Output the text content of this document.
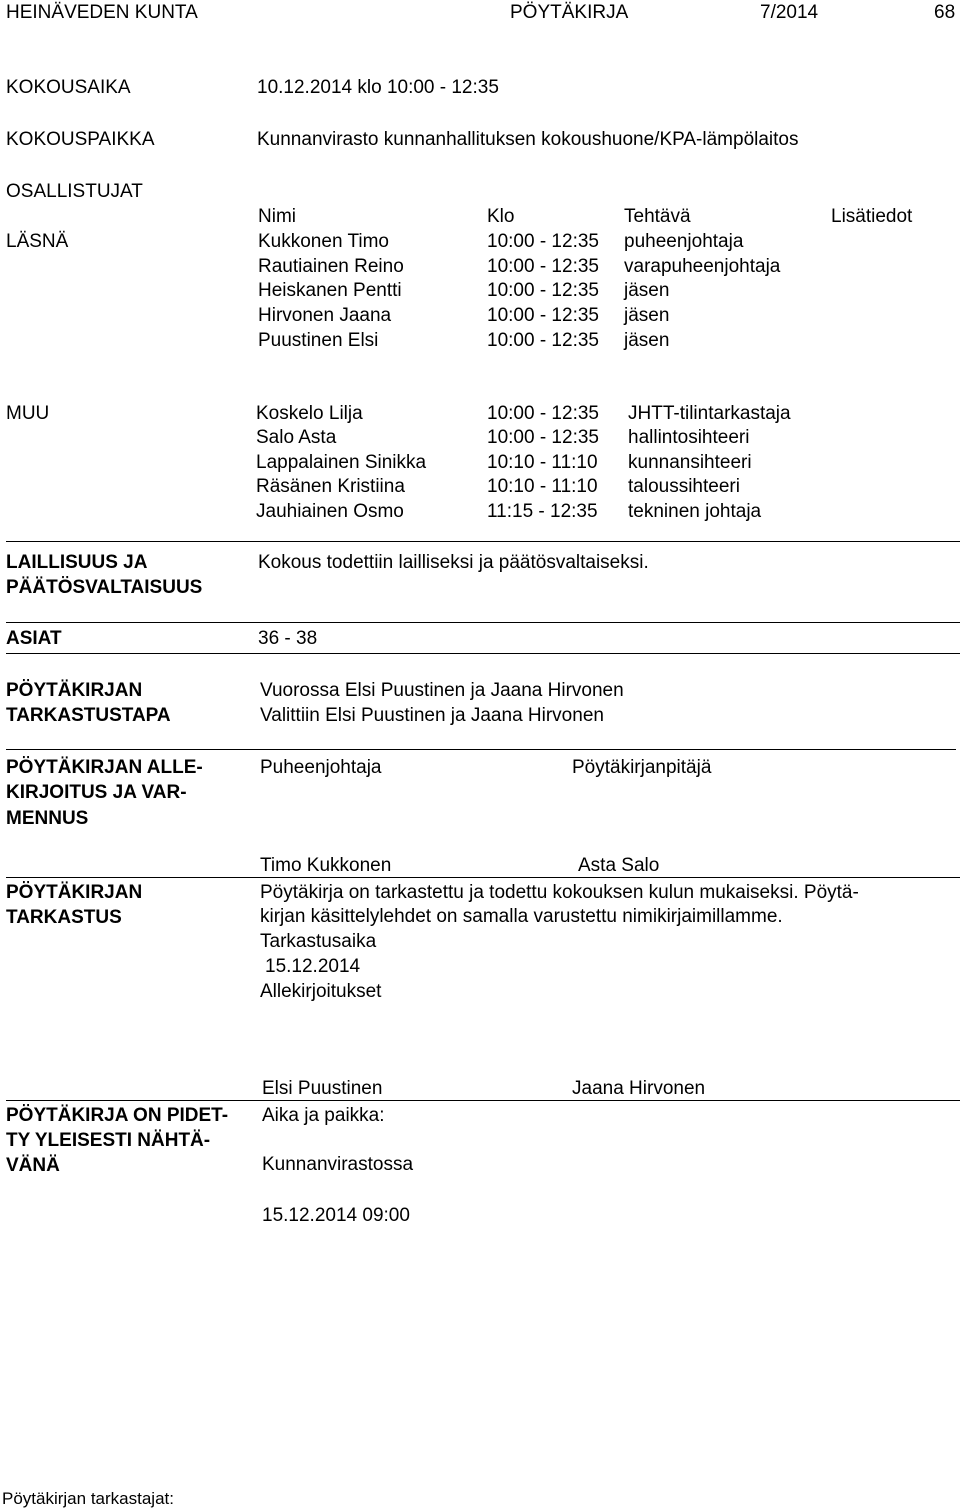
HEINÄVEDEN KUNTA	PÖYTÄKIRJA	7/2014	68
KOKOUSAIKA	10.12.2014 klo 10:00 - 12:35
KOKOUSPAIKKA	Kunnanvirasto kunnanhallituksen kokoushuone/KPA-lämpölaitos
OSALLISTUJAT
Nimi	Klo	Tehtävä	Lisätiedot
LÄSNÄ	Kukkonen Timo	10:00 - 12:35 puheenjohtaja
Rautiainen Reino	10:00 - 12:35 varapuheenjohtaja
Heiskanen Pentti	10:00 - 12:35 jäsen
Hirvonen Jaana	10:00 - 12:35 jäsen
Puustinen Elsi	10:00 - 12:35 jäsen
MUU	Koskelo Lilja	10:00 - 12:35 JHTT-tilintarkastaja
Salo Asta	10:00 - 12:35 hallintosihteeri
Lappalainen Sinikka	10:10 - 11:10 kunnansihteeri
Räsänen Kristiina	10:10 - 11:10 taloussihteeri
Jauhiainen Osmo	11:15 - 12:35 tekninen johtaja
LAILLISUUS JA
PÄÄTÖSVALTAISUUS
Kokous todettiin lailliseksi ja päätösvaltaiseksi.
ASIAT	36 - 38
PÖYTÄKIRJAN
TARKASTUSTAPA
Vuorossa Elsi Puustinen ja Jaana Hirvonen
Valittiin Elsi Puustinen ja Jaana Hirvonen
PÖYTÄKIRJAN ALLE-
KIRJOITUS JA VAR-
MENNUS
Puheenjohtaja	Pöytäkirjanpitäjä
Timo Kukkonen	Asta Salo
PÖYTÄKIRJAN
TARKASTUS
Pöytäkirja on tarkastettu ja todettu kokouksen kulun mukaiseksi. Pöytä-
kirjan käsittelylehdet on samalla varustettu nimikirjaimillamme.
Tarkastusaika
15.12.2014
Allekirjoitukset
Elsi Puustinen	Jaana Hirvonen
PÖYTÄKIRJA ON PIDET-
TY YLEISESTI NÄHTÄ-
VÄNÄ
Aika ja paikka:
Kunnanvirastossa
15.12.2014 09:00
Pöytäkirjan tarkastajat:
